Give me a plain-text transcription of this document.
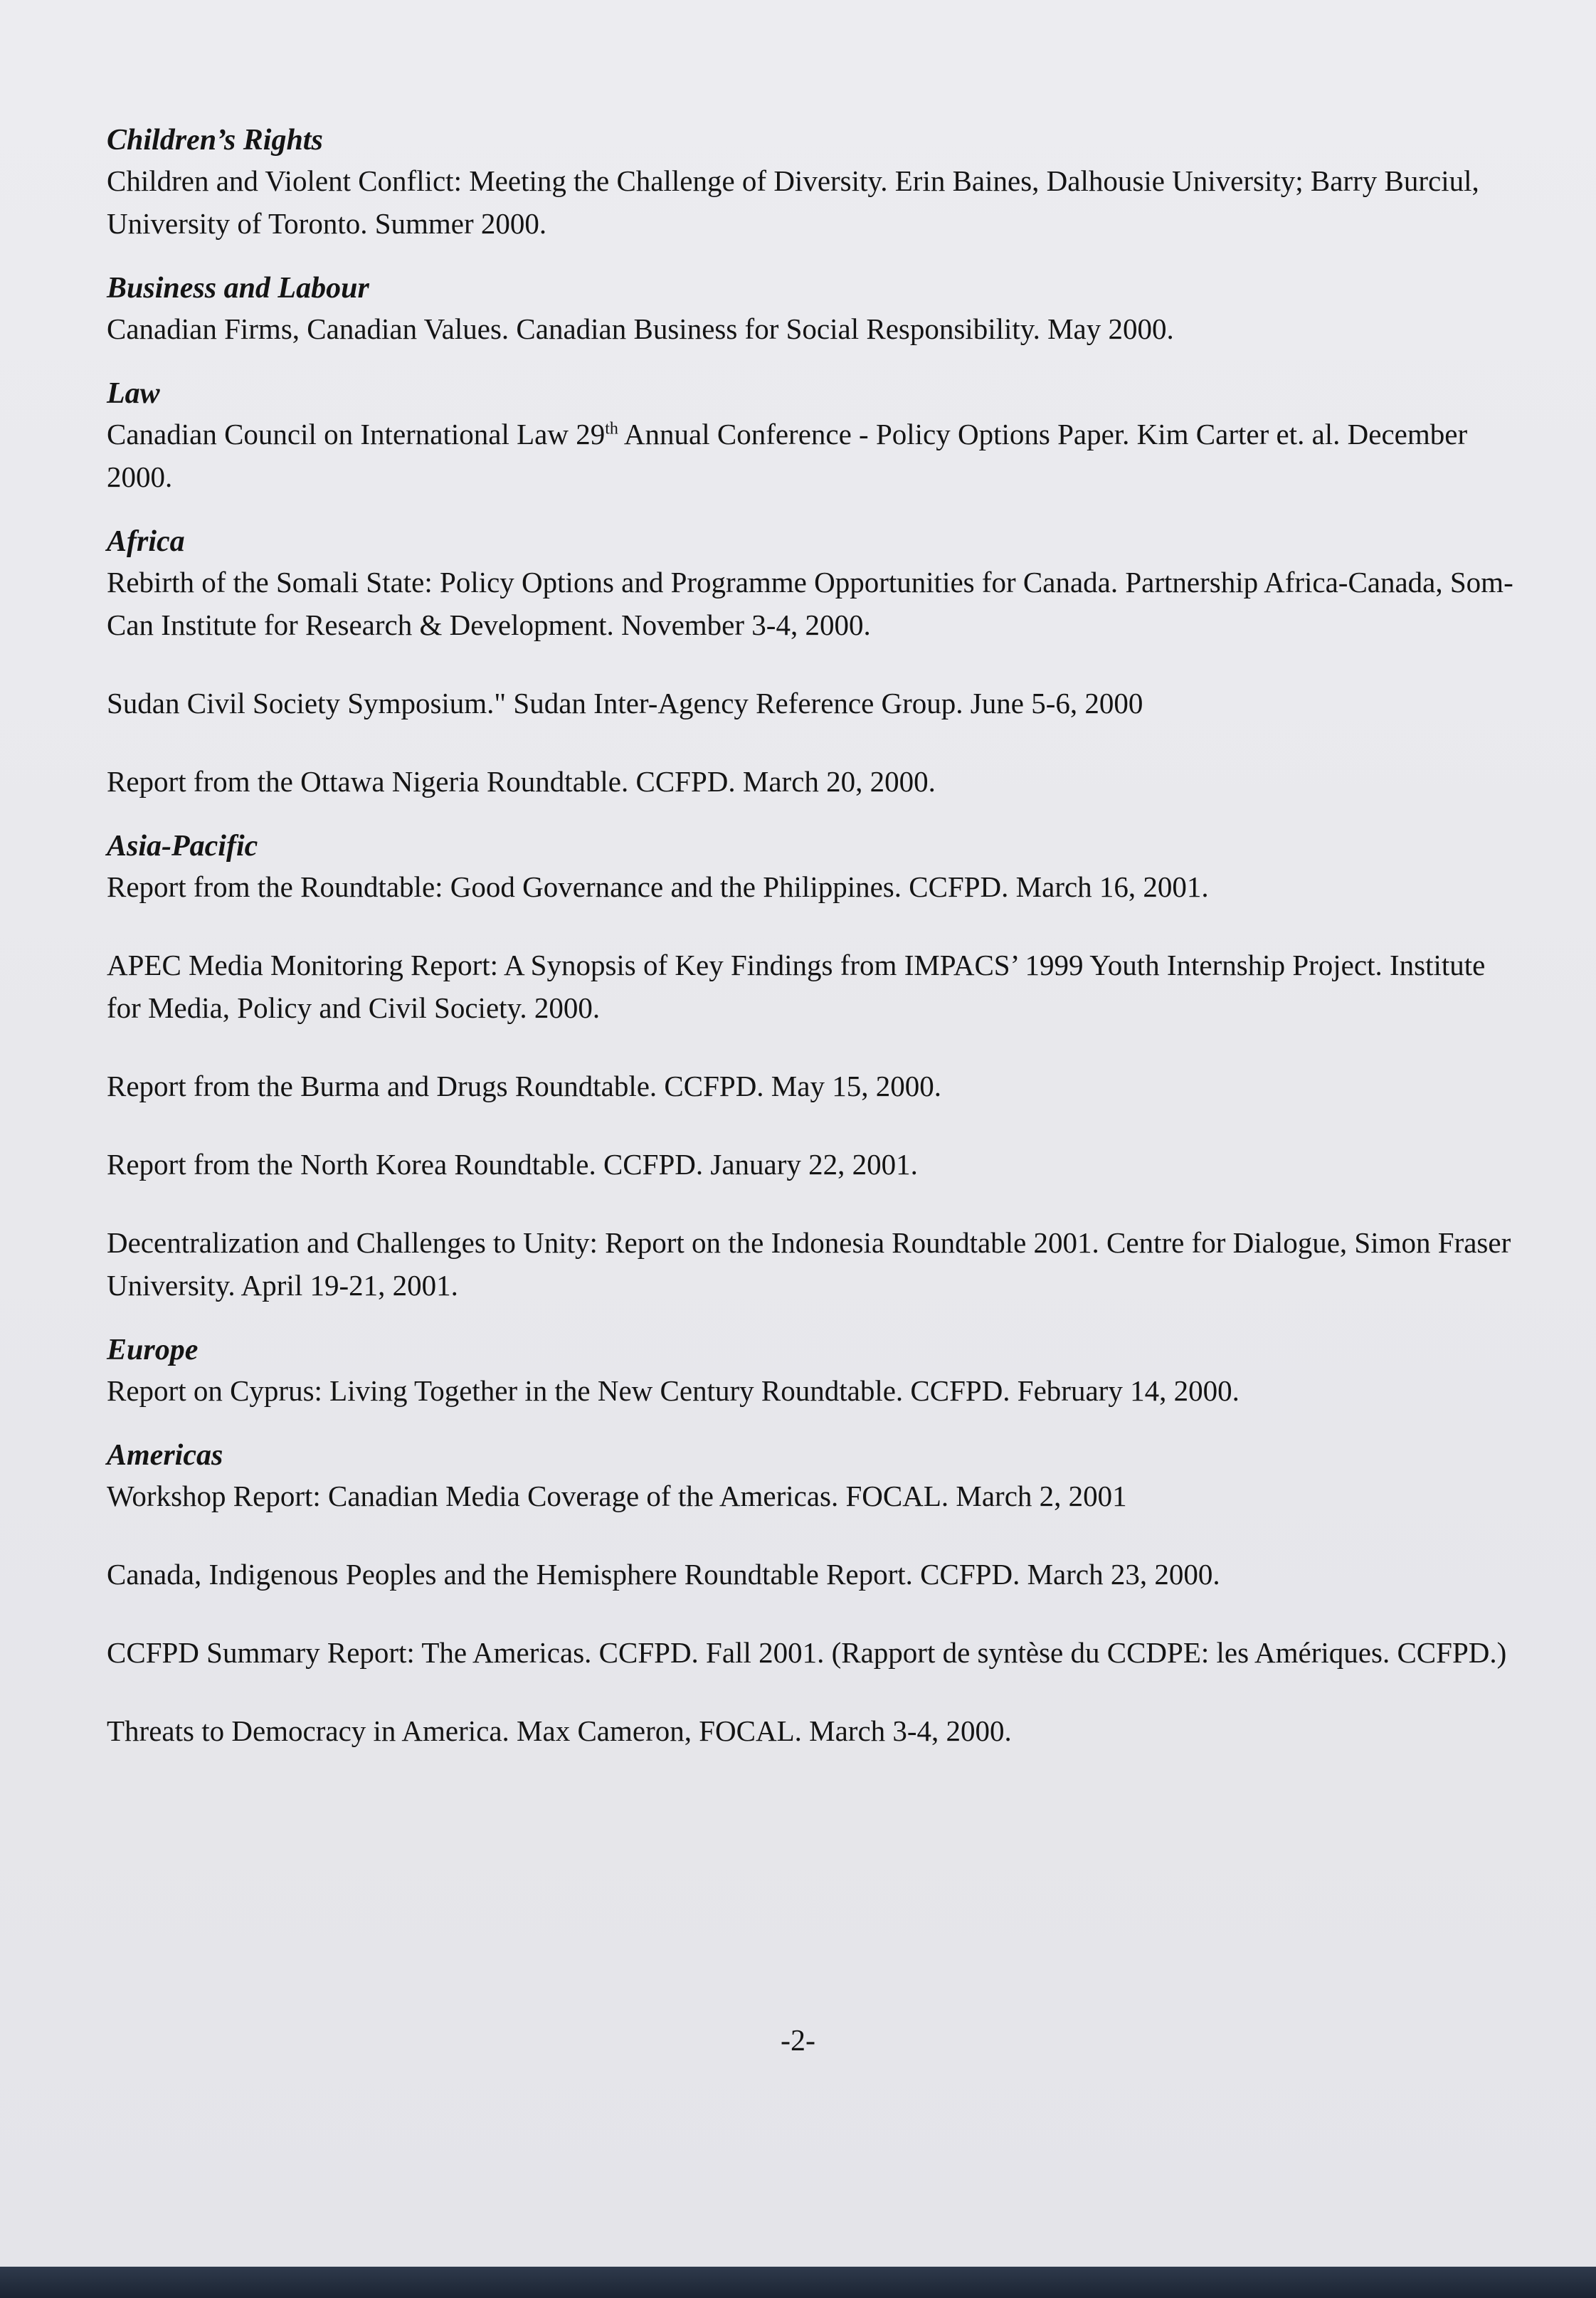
Children’s Rights

Children and Violent Conflict: Meeting the Challenge of Diversity. Erin Baines, Dalhousie University; Barry Burciul, University of Toronto. Summer 2000.

Business and Labour

Canadian Firms, Canadian Values. Canadian Business for Social Responsibility. May 2000.

Law

Canadian Council on International Law 29th Annual Conference - Policy Options Paper. Kim Carter et. al. December 2000.

Africa

Rebirth of the Somali State: Policy Options and Programme Opportunities for Canada. Partnership Africa-Canada, Som-Can Institute for Research & Development. November 3-4, 2000.

Sudan Civil Society Symposium." Sudan Inter-Agency Reference Group. June 5-6, 2000

Report from the Ottawa Nigeria Roundtable. CCFPD. March 20, 2000.

Asia-Pacific

Report from the Roundtable: Good Governance and the Philippines. CCFPD. March 16, 2001.

APEC Media Monitoring Report: A Synopsis of Key Findings from IMPACS’ 1999 Youth Internship Project. Institute for Media, Policy and Civil Society. 2000.

Report from the Burma and Drugs Roundtable. CCFPD. May 15, 2000.

Report from the North Korea Roundtable. CCFPD. January 22, 2001.

Decentralization and Challenges to Unity: Report on the Indonesia Roundtable 2001. Centre for Dialogue, Simon Fraser University. April 19-21, 2001.

Europe

Report on Cyprus: Living Together in the New Century Roundtable. CCFPD. February 14, 2000.

Americas

Workshop Report: Canadian Media Coverage of the Americas. FOCAL. March 2, 2001

Canada, Indigenous Peoples and the Hemisphere Roundtable Report. CCFPD. March 23, 2000.

CCFPD Summary Report: The Americas. CCFPD. Fall 2001. (Rapport de syntèse du CCDPE: les Amériques. CCFPD.)

Threats to Democracy in America. Max Cameron, FOCAL. March 3-4, 2000.

-2-
